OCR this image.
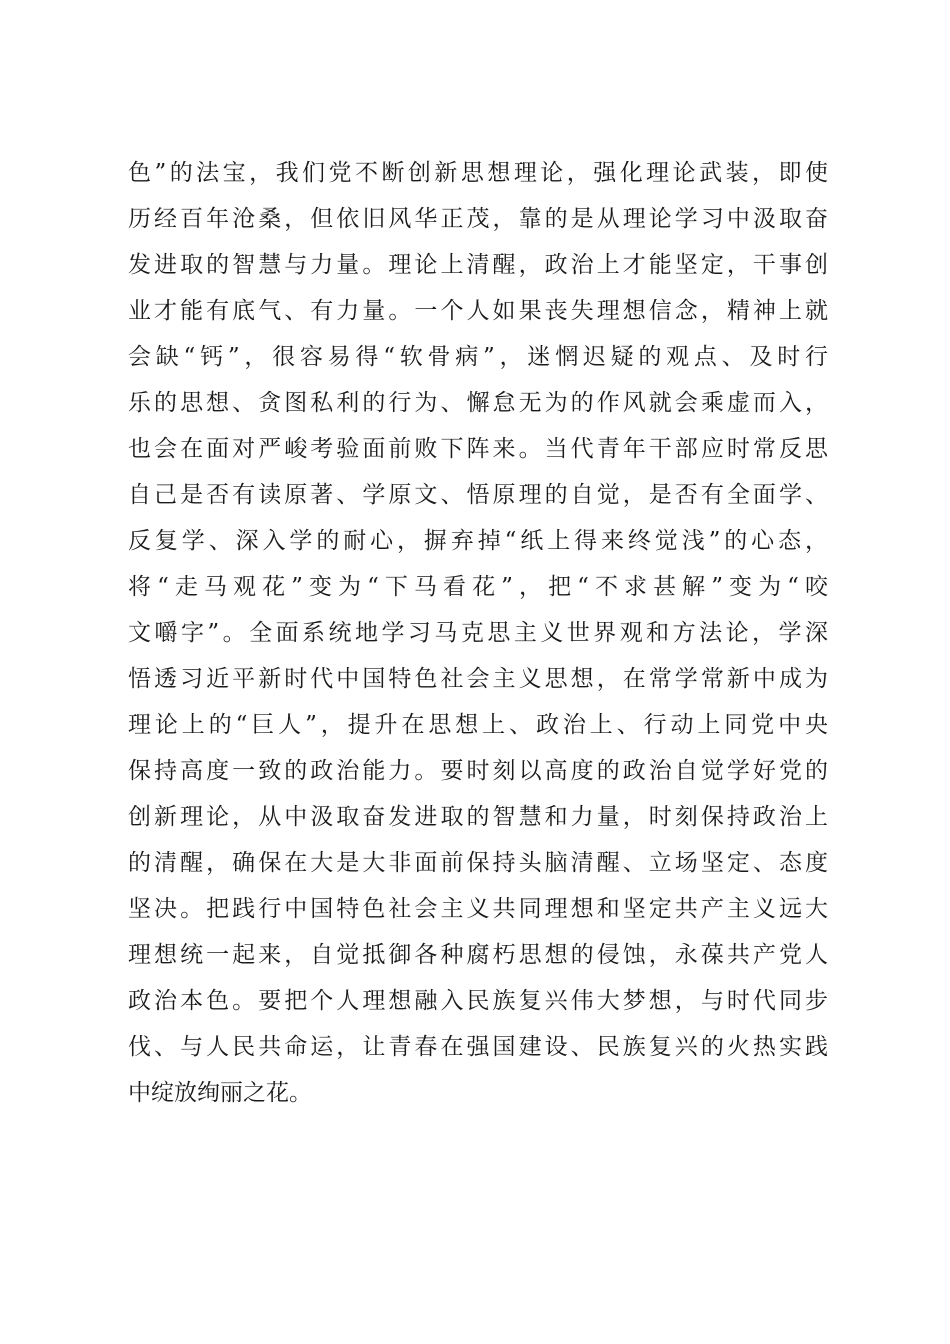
色”的法宝，我们党不断创新思想理论，强化理论武装，即使
历经百年沧桑，但依旧风华正茂，靠的是从理论学习中汲取奋
发进取的智慧与力量。理论上清醒，政治上才能坚定，干事创
业才能有底气、有力量。一个人如果丧失理想信念，精神上就
会缺“钙”，很容易得“软骨病”，迷惘迟疑的观点、及时行
乐的思想、贪图私利的行为、懈怠无为的作风就会乘虚而入，
也会在面对严峻考验面前败下阵来。当代青年干部应时常反思
自己是否有读原著、学原文、悟原理的自觉，是否有全面学、
反复学、深入学的耐心，摒弃掉“纸上得来终觉浅”的心态，
将“走马观花”变为“下马看花”，把“不求甚解”变为“咬
文嚼字”。全面系统地学习马克思主义世界观和方法论，学深
悟透习近平新时代中国特色社会主义思想，在常学常新中成为
理论上的“巨人”，提升在思想上、政治上、行动上同党中央
保持高度一致的政治能力。要时刻以高度的政治自觉学好党的
创新理论，从中汲取奋发进取的智慧和力量，时刻保持政治上
的清醒，确保在大是大非面前保持头脑清醒、立场坚定、态度
坚决。把践行中国特色社会主义共同理想和坚定共产主义远大
理想统一起来，自觉抵御各种腐朽思想的侵蚀，永葆共产党人
政治本色。要把个人理想融入民族复兴伟大梦想，与时代同步
伐、与人民共命运，让青春在强国建设、民族复兴的火热实践
中绽放绚丽之花。
